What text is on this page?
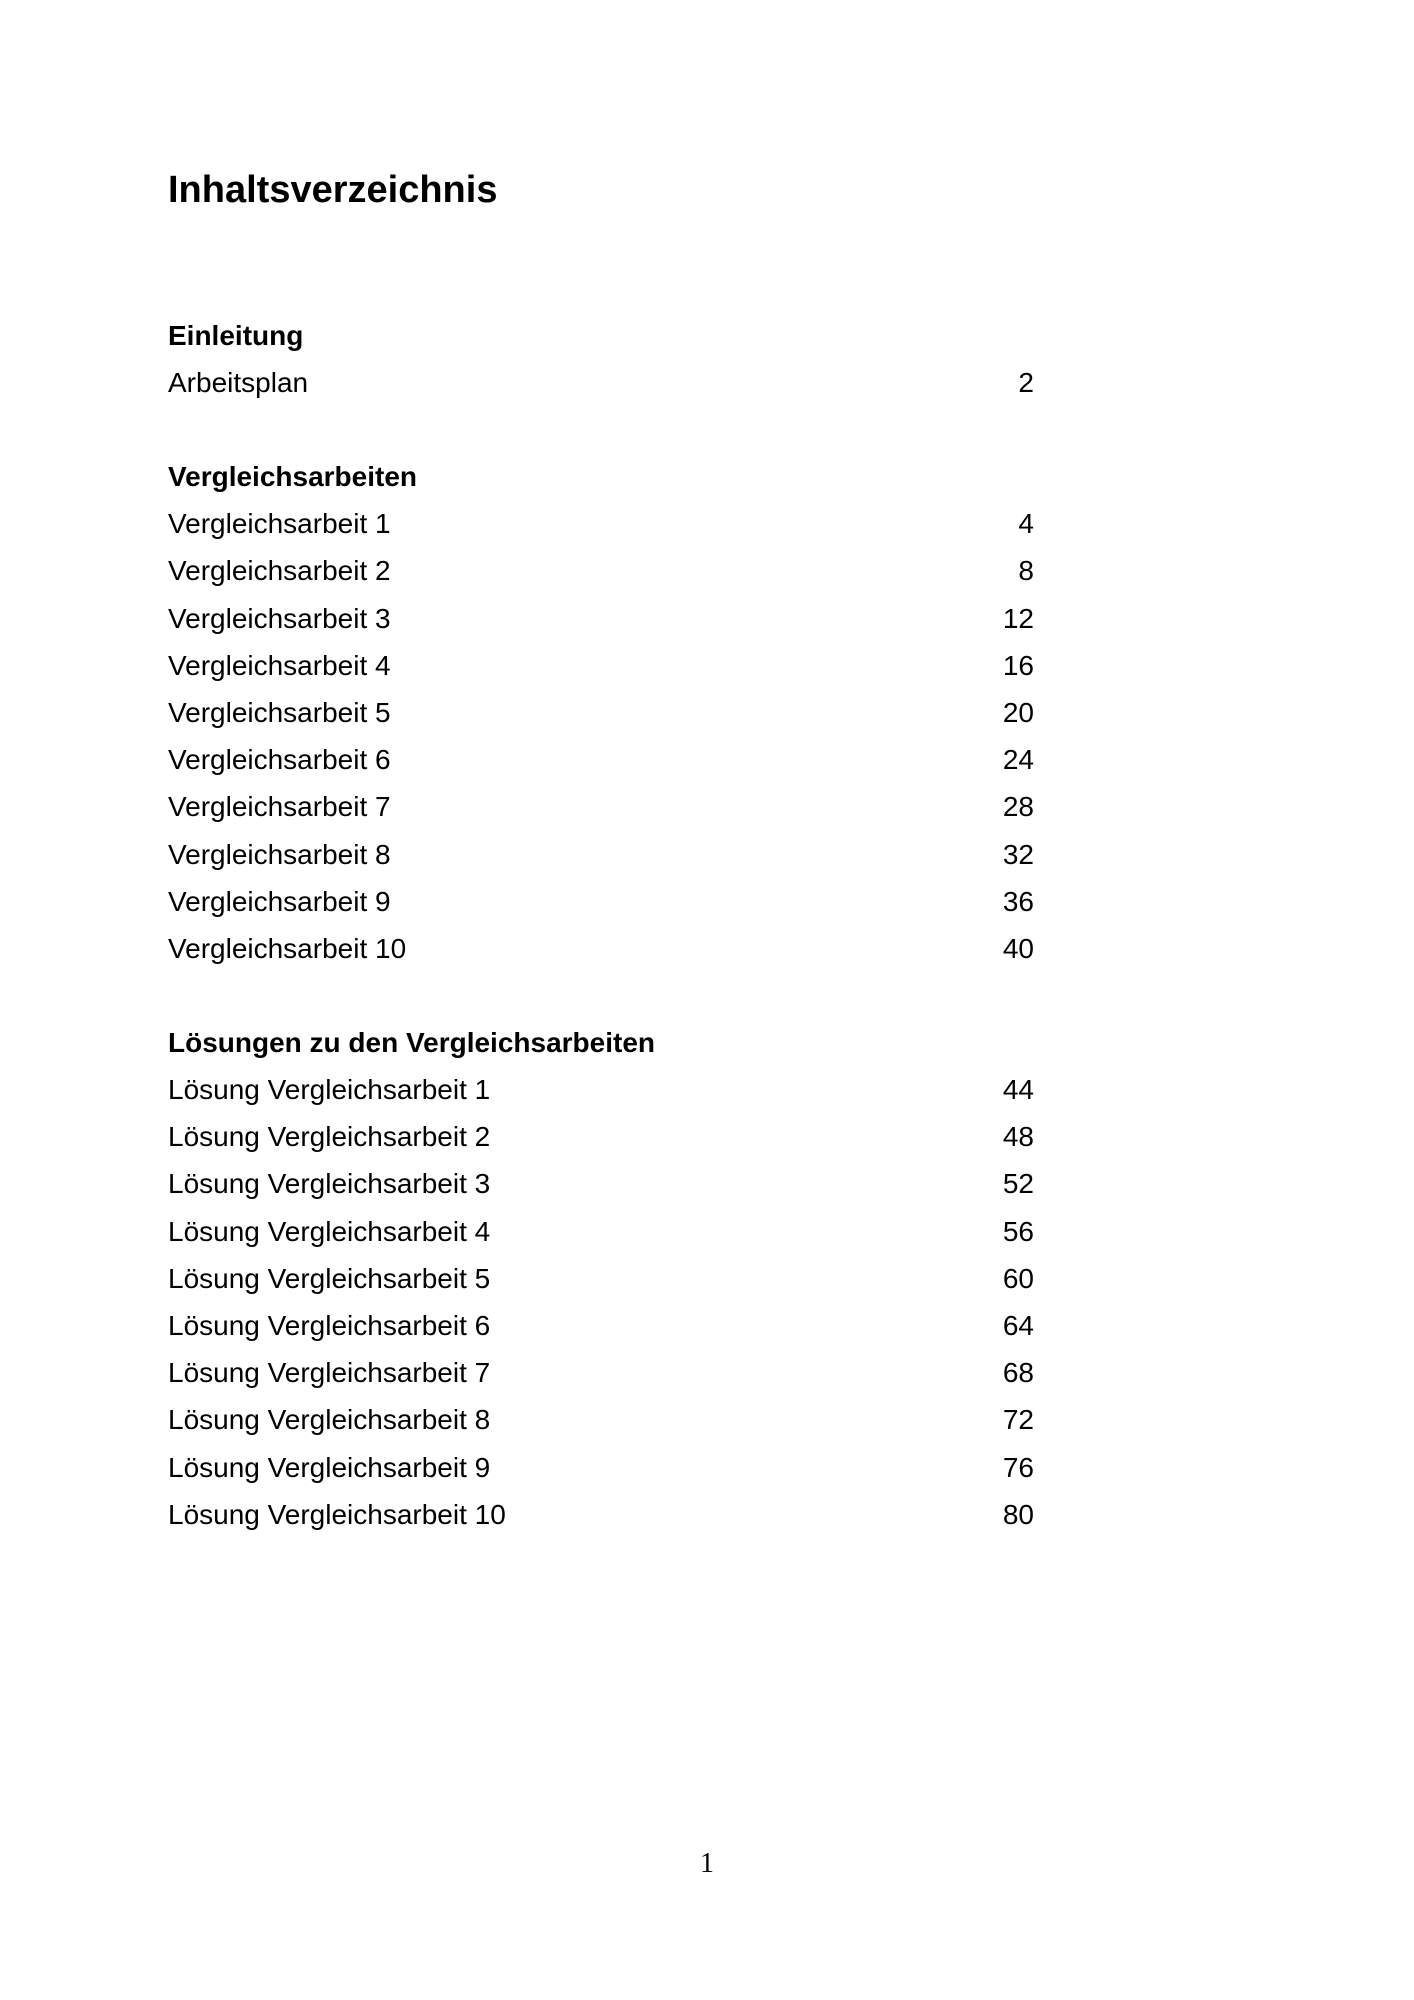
Inhaltsverzeichnis
Einleitung
Arbeitsplan	2
Vergleichsarbeiten
Vergleichsarbeit 1	4
Vergleichsarbeit 2	8
Vergleichsarbeit 3	12
Vergleichsarbeit 4	16
Vergleichsarbeit 5	20
Vergleichsarbeit 6	24
Vergleichsarbeit 7	28
Vergleichsarbeit 8	32
Vergleichsarbeit 9	36
Vergleichsarbeit 10	40
Lösungen zu den Vergleichsarbeiten
Lösung Vergleichsarbeit 1	44
Lösung Vergleichsarbeit 2	48
Lösung Vergleichsarbeit 3	52
Lösung Vergleichsarbeit 4	56
Lösung Vergleichsarbeit 5	60
Lösung Vergleichsarbeit 6	64
Lösung Vergleichsarbeit 7	68
Lösung Vergleichsarbeit 8	72
Lösung Vergleichsarbeit 9	76
Lösung Vergleichsarbeit 10	80
1
